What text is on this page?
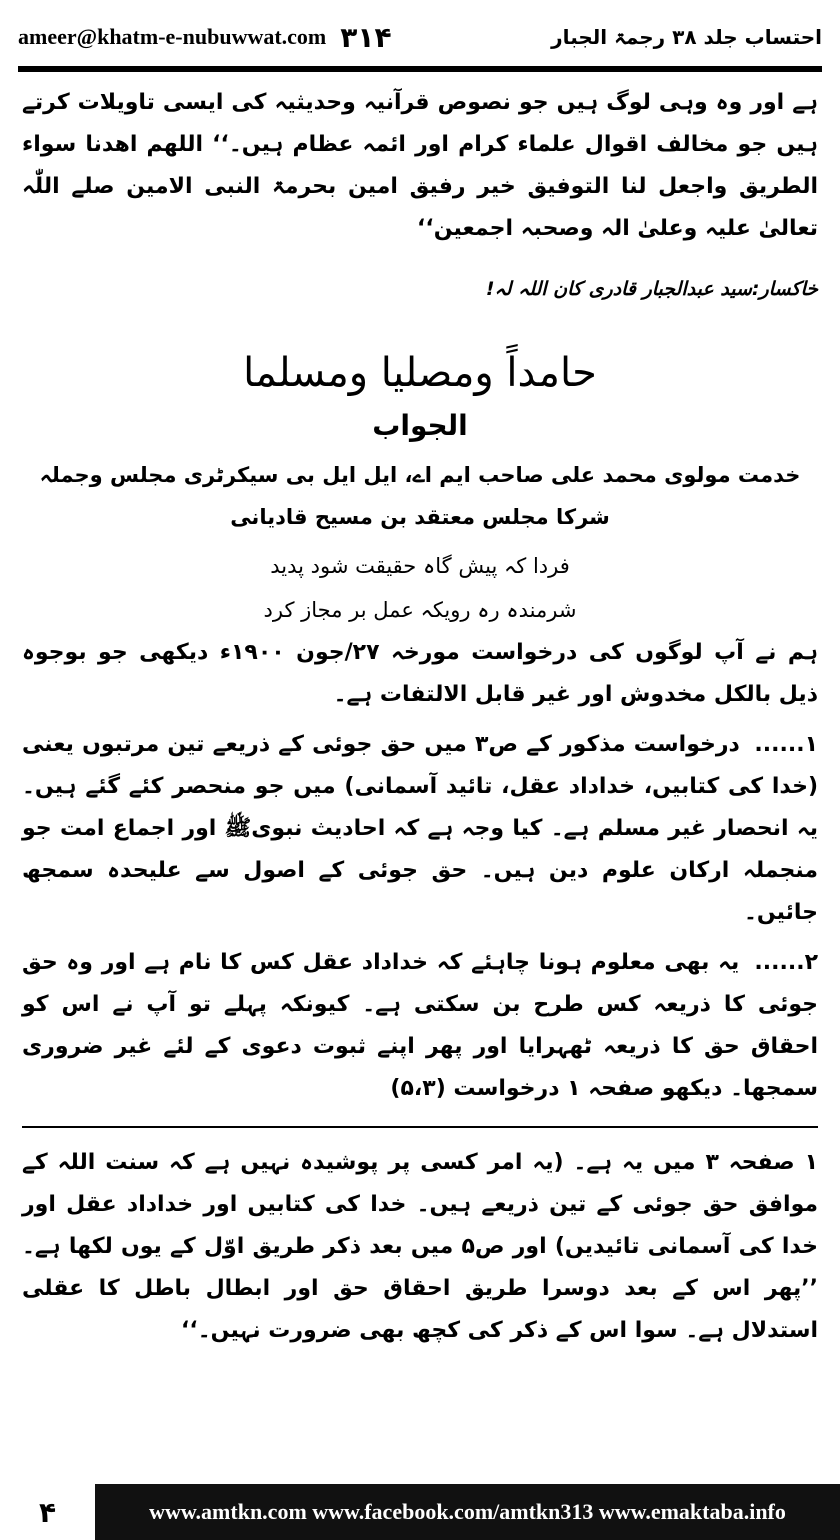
ameer@khatm-e-nubuwwat.com ۳۱۴	احتساب جلد ۳۸ رجمۃ الجبار

ہے اور وہ وہی لوگ ہیں جو نصوص قرآنیہ وحدیثیہ کی ایسی تاویلات کرتے ہیں جو مخالف اقوال علماء کرام اور ائمہ عظام ہیں۔‘‘ اللھم اھدنا سواء الطریق واجعل لنا التوفیق خیر رفیق امین بحرمۃ النبی الامین صلے اللّٰہ تعالیٰ علیہ وعلیٰ الہ وصحبہ اجمعین‘‘

خاکسار:سید عبدالجبار قادری کان اللہ لہ!

حامداً ومصلیا ومسلما

الجواب

خدمت مولوی محمد علی صاحب ایم اے، ایل ایل بی سیکرٹری مجلس وجملہ شرکا مجلس معتقد بن مسیح قادیانی

فردا کہ پیش گاہ حقیقت شود پدید

شرمندہ رہ رویکہ عمل بر مجاز کرد

ہم نے آپ لوگوں کی درخواست مورخہ ۲۷/جون ۱۹۰۰ء دیکھی جو بوجوہ ذیل بالکل مخدوش اور غیر قابل الالتفات ہے۔

۱...... درخواست مذکور کے ص۳ میں حق جوئی کے ذریعے تین مرتبوں یعنی (خدا کی کتابیں، خداداد عقل، تائید آسمانی) میں جو منحصر کئے گئے ہیں۔ یہ انحصار غیر مسلم ہے۔ کیا وجہ ہے کہ احادیث نبویﷺ اور اجماع امت جو منجملہ ارکان علوم دین ہیں۔ حق جوئی کے اصول سے علیحدہ سمجھ جائیں۔

۲...... یہ بھی معلوم ہونا چاہئے کہ خداداد عقل کس کا نام ہے اور وہ حق جوئی کا ذریعہ کس طرح بن سکتی ہے۔ کیونکہ پہلے تو آپ نے اس کو احقاق حق کا ذریعہ ٹھہرایا اور پھر اپنے ثبوت دعوی کے لئے غیر ضروری سمجھا۔ دیکھو صفحہ ۱ درخواست (۵،۳)

۱ صفحہ ۳ میں یہ ہے۔ (یہ امر کسی پر پوشیدہ نہیں ہے کہ سنت اللہ کے موافق حق جوئی کے تین ذریعے ہیں۔ خدا کی کتابیں اور خداداد عقل اور خدا کی آسمانی تائیدیں) اور ص۵ میں بعد ذکر طریق اوّل کے یوں لکھا ہے۔ ’’پھر اس کے بعد دوسرا طریق احقاق حق اور ابطال باطل کا عقلی استدلال ہے۔ سوا اس کے ذکر کی کچھ بھی ضرورت نہیں۔‘‘

۴	www.amtkn.com www.facebook.com/amtkn313 www.emaktaba.info
